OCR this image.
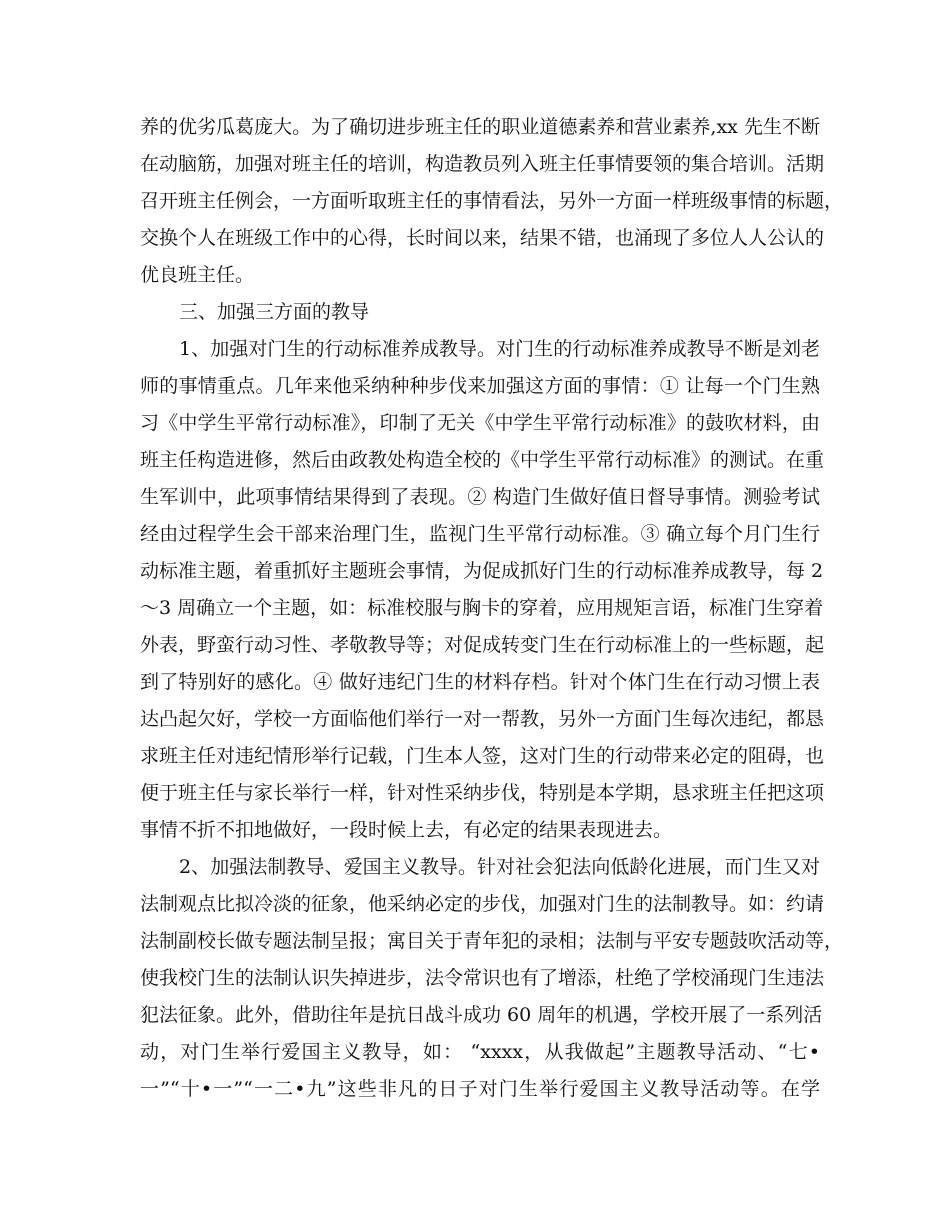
养的优劣瓜葛庞大。为了确切进步班主任的职业道德素养和营业素养,xx 先生不断
在动脑筋，加强对班主任的培训，构造教员列入班主任事情要领的集合培训。活期
召开班主任例会，一方面听取班主任的事情看法，另外一方面一样班级事情的标题，
交换个人在班级工作中的心得，长时间以来，结果不错，也涌现了多位人人公认的
优良班主任。
三、加强三方面的教导
1、加强对门生的行动标准养成教导。对门生的行动标准养成教导不断是刘老
师的事情重点。几年来他采纳种种步伐来加强这方面的事情：① 让每一个门生熟
习《中学生平常行动标准》，印制了无关《中学生平常行动标准》的鼓吹材料，由
班主任构造进修，然后由政教处构造全校的《中学生平常行动标准》的测试。在重
生军训中，此项事情结果得到了表现。② 构造门生做好值日督导事情。测验考试
经由过程学生会干部来治理门生，监视门生平常行动标准。③ 确立每个月门生行
动标准主题，着重抓好主题班会事情，为促成抓好门生的行动标准养成教导，每 2
～3 周确立一个主题，如：标准校服与胸卡的穿着，应用规矩言语，标准门生穿着
外表，野蛮行动习性、孝敬教导等；对促成转变门生在行动标准上的一些标题，起
到了特别好的感化。④ 做好违纪门生的材料存档。针对个体门生在行动习惯上表
达凸起欠好，学校一方面临他们举行一对一帮教，另外一方面门生每次违纪，都恳
求班主任对违纪情形举行记载，门生本人签，这对门生的行动带来必定的阻碍，也
便于班主任与家长举行一样，针对性采纳步伐，特别是本学期，恳求班主任把这项
事情不折不扣地做好，一段时候上去，有必定的结果表现进去。
2、加强法制教导、爱国主义教导。针对社会犯法向低龄化进展，而门生又对
法制观点比拟冷淡的征象，他采纳必定的步伐，加强对门生的法制教导。如：约请
法制副校长做专题法制呈报；寓目关于青年犯的录相；法制与平安专题鼓吹活动等，
使我校门生的法制认识失掉进步，法令常识也有了增添，杜绝了学校涌现门生违法
犯法征象。此外，借助往年是抗日战斗成功 60 周年的机遇，学校开展了一系列活
动，对门生举行爱国主义教导，如： “xxxx，从我做起”主题教导活动、“七•
一”“十•一”“一二•九”这些非凡的日子对门生举行爱国主义教导活动等。在学
